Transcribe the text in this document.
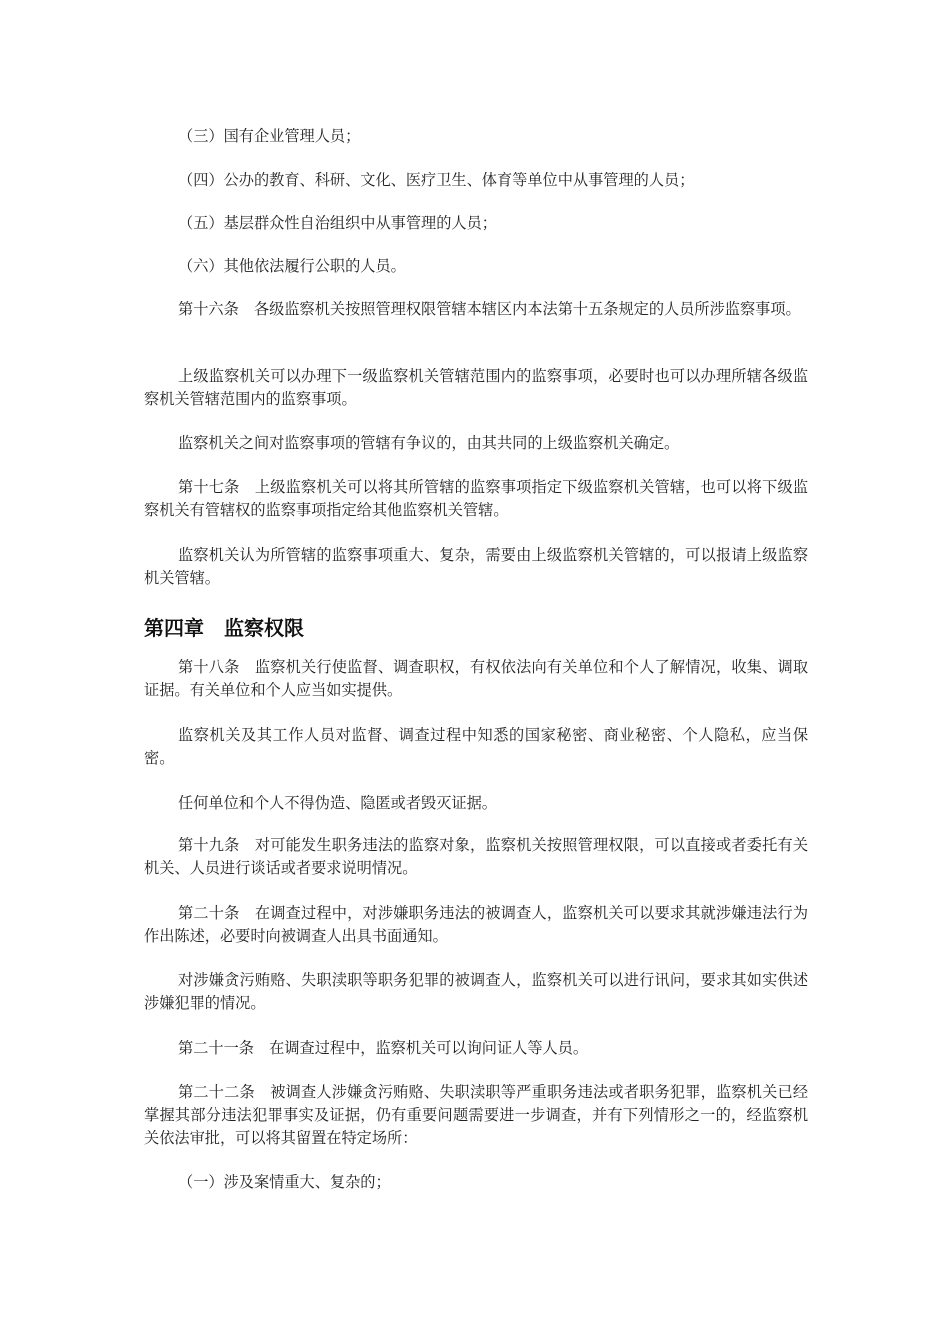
（三）国有企业管理人员；

（四）公办的教育、科研、文化、医疗卫生、体育等单位中从事管理的人员；

（五）基层群众性自治组织中从事管理的人员；

（六）其他依法履行公职的人员。

第十六条　各级监察机关按照管理权限管辖本辖区内本法第十五条规定的人员所涉监察事项。

上级监察机关可以办理下一级监察机关管辖范围内的监察事项，必要时也可以办理所辖各级监察机关管辖范围内的监察事项。

监察机关之间对监察事项的管辖有争议的，由其共同的上级监察机关确定。

第十七条　上级监察机关可以将其所管辖的监察事项指定下级监察机关管辖，也可以将下级监察机关有管辖权的监察事项指定给其他监察机关管辖。

监察机关认为所管辖的监察事项重大、复杂，需要由上级监察机关管辖的，可以报请上级监察机关管辖。

第四章　监察权限

第十八条　监察机关行使监督、调查职权，有权依法向有关单位和个人了解情况，收集、调取证据。有关单位和个人应当如实提供。

监察机关及其工作人员对监督、调查过程中知悉的国家秘密、商业秘密、个人隐私，应当保密。

任何单位和个人不得伪造、隐匿或者毁灭证据。

第十九条　对可能发生职务违法的监察对象，监察机关按照管理权限，可以直接或者委托有关机关、人员进行谈话或者要求说明情况。

第二十条　在调查过程中，对涉嫌职务违法的被调查人，监察机关可以要求其就涉嫌违法行为作出陈述，必要时向被调查人出具书面通知。

对涉嫌贪污贿赂、失职渎职等职务犯罪的被调查人，监察机关可以进行讯问，要求其如实供述涉嫌犯罪的情况。

第二十一条　在调查过程中，监察机关可以询问证人等人员。

第二十二条　被调查人涉嫌贪污贿赂、失职渎职等严重职务违法或者职务犯罪，监察机关已经掌握其部分违法犯罪事实及证据，仍有重要问题需要进一步调查，并有下列情形之一的，经监察机关依法审批，可以将其留置在特定场所：

（一）涉及案情重大、复杂的；
